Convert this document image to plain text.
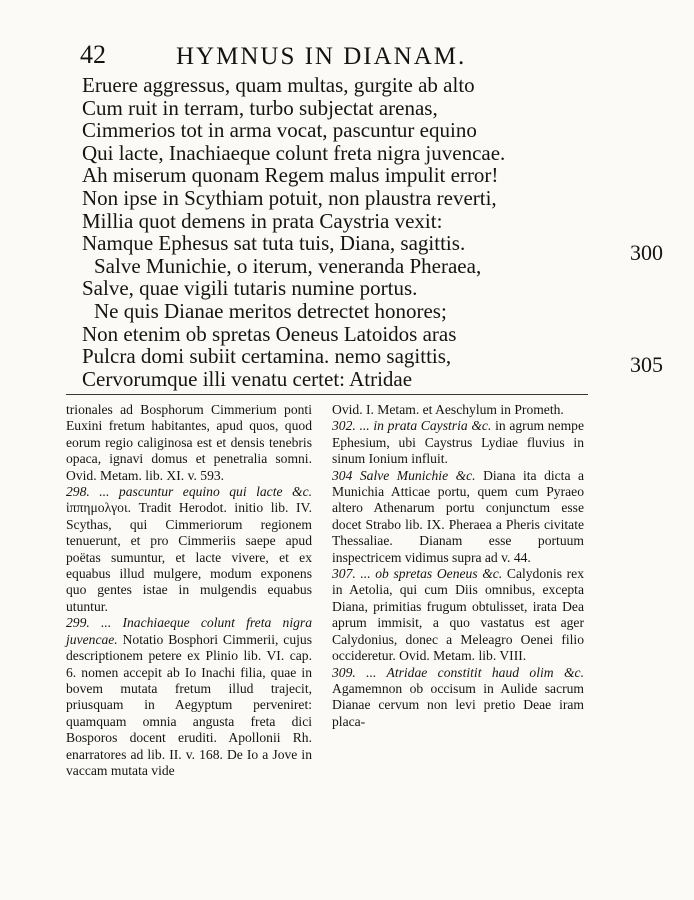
42	HYMNUS IN DIANAM.
Eruere aggressus, quam multas, gurgite ab alto
Cum ruit in terram, turbo subjectat arenas,
Cimmerios tot in arma vocat, pascuntur equino
Qui lacte, Inachiaeque colunt freta nigra juvencae.
Ah miserum quonam Regem malus impulit error!
Non ipse in Scythiam potuit, non plaustra reverti,
Millia quot demens in prata Caystria vexit:
Namque Ephesus sat tuta tuis, Diana, sagittis.
Salve Munichie, o iterum, veneranda Pheraea,
Salve, quae vigili tutaris numine portus.
Ne quis Dianae meritos detrectet honores;
Non etenim ob spretas Oeneus Latoidos aras
Pulcra domi subiit certamina. nemo sagittis,
Cervorumque illi venatu certet: Atridae
300
305

trionales ad Bosphorum Cimmerium ponti Euxini fretum habitantes, apud quos, quod eorum regio caliginosa est et densis tenebris opaca, ignavi domus et penetralia somni. Ovid. Metam. lib. XI. v. 593.

298. ... pascuntur equino qui lacte &c. ἱππημολγοι. Tradit Herodot. initio lib. IV. Scythas, qui Cimmeriorum regionem tenuerunt, et pro Cimmeriis saepe apud poëtas sumuntur, et lacte vivere, et ex equabus illud mulgere, modum exponens quo gentes istae in mulgendis equabus utuntur.

299. ... Inachiaeque colunt freta nigra juvencae. Notatio Bosphori Cimmerii, cujus descriptionem petere ex Plinio lib. VI. cap. 6. nomen accepit ab Io Inachi filia, quae in bovem mutata fretum illud trajecit, priusquam in Aegyptum perveniret: quamquam omnia angusta freta dici Bosporos docent eruditi. Apollonii Rh. enarratores ad lib. II. v. 168. De Io a Jove in vaccam mutata vide

Ovid. I. Metam. et Aeschylum in Prometh.

302. ... in prata Caystria &c. in agrum nempe Ephesium, ubi Caystrus Lydiae fluvius in sinum Ionium influit.

304 Salve Munichie &c. Diana ita dicta a Munichia Atticae portu, quem cum Pyraeo altero Athenarum portu conjunctum esse docet Strabo lib. IX. Pheraea a Pheris civitate Thessaliae. Dianam esse portuum inspectricem vidimus supra ad v. 44.

307. ... ob spretas Oeneus &c. Calydonis rex in Aetolia, qui cum Diis omnibus, excepta Diana, primitias frugum obtulisset, irata Dea aprum immisit, a quo vastatus est ager Calydonius, donec a Meleagro Oenei filio occideretur. Ovid. Metam. lib. VIII.

309. ... Atridae constitit haud olim &c. Agamemnon ob occisum in Aulide sacrum Dianae cervum non levi pretio Deae iram placa-
